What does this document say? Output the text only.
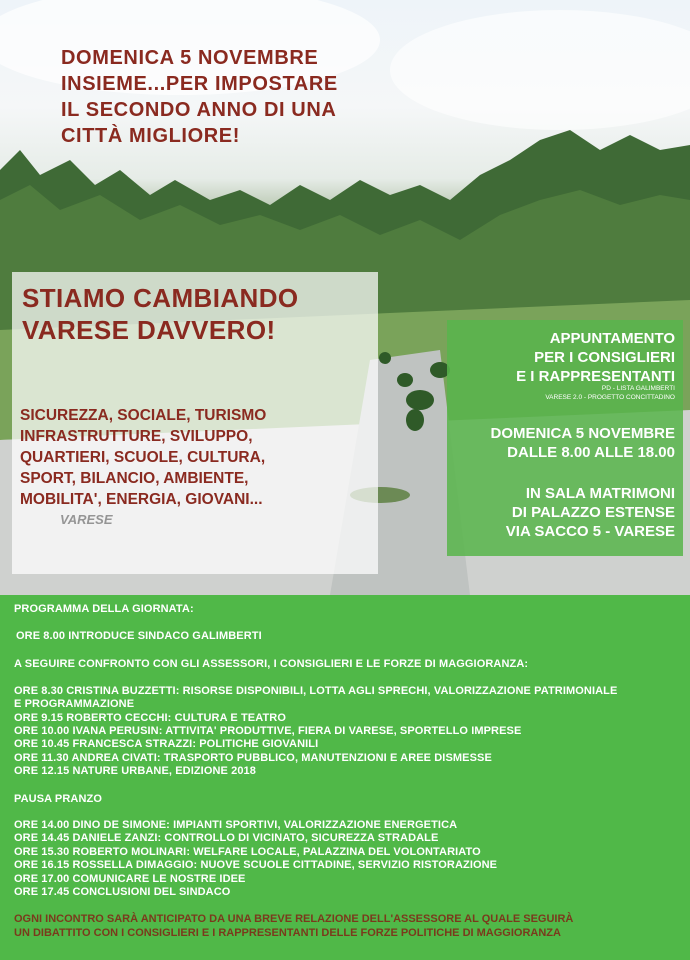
DOMENICA 5 NOVEMBRE
INSIEME...PER IMPOSTARE
IL SECONDO ANNO DI UNA
CITTÀ MIGLIORE!
STIAMO CAMBIANDO
VARESE DAVVERO!
SICUREZZA, SOCIALE, TURISMO
INFRASTRUTTURE, SVILUPPO,
QUARTIERI, SCUOLE, CULTURA,
SPORT, BILANCIO, AMBIENTE,
MOBILITA', ENERGIA, GIOVANI...
VARESE
APPUNTAMENTO
PER I CONSIGLIERI
E I RAPPRESENTANTI
PD - LISTA GALIMBERTI
VARESE 2.0 - PROGETTO CONCITTADINO
DOMENICA 5 NOVEMBRE
DALLE 8.00 ALLE 18.00
IN SALA MATRIMONI
DI PALAZZO ESTENSE
VIA SACCO 5 - VARESE
PROGRAMMA DELLA GIORNATA:
ORE 8.00 INTRODUCE SINDACO GALIMBERTI
A SEGUIRE CONFRONTO CON GLI ASSESSORI, I CONSIGLIERI E LE FORZE DI MAGGIORANZA:
ORE 8.30 CRISTINA BUZZETTI: RISORSE DISPONIBILI, LOTTA AGLI SPRECHI, VALORIZZAZIONE PATRIMONIALE
E PROGRAMMAZIONE
ORE 9.15 ROBERTO CECCHI: CULTURA E TEATRO
ORE 10.00 IVANA PERUSIN: ATTIVITA' PRODUTTIVE, FIERA DI VARESE, SPORTELLO IMPRESE
ORE 10.45 FRANCESCA STRAZZI: POLITICHE GIOVANILI
ORE 11.30 ANDREA CIVATI: TRASPORTO PUBBLICO, MANUTENZIONI E AREE DISMESSE
ORE 12.15 NATURE URBANE, EDIZIONE 2018
PAUSA PRANZO
ORE 14.00 DINO DE SIMONE: IMPIANTI SPORTIVI, VALORIZZAZIONE ENERGETICA
ORE 14.45 DANIELE ZANZI: CONTROLLO DI VICINATO, SICUREZZA STRADALE
ORE 15.30 ROBERTO MOLINARI: WELFARE LOCALE, PALAZZINA DEL VOLONTARIATO
ORE 16.15 ROSSELLA DIMAGGIO: NUOVE SCUOLE CITTADINE, SERVIZIO RISTORAZIONE
ORE 17.00 COMUNICARE LE NOSTRE IDEE
ORE 17.45 CONCLUSIONI DEL SINDACO
OGNI INCONTRO SARÀ ANTICIPATO DA UNA BREVE RELAZIONE DELL'ASSESSORE AL QUALE SEGUIRÀ
UN DIBATTITO CON I CONSIGLIERI E I RAPPRESENTANTI DELLE FORZE POLITICHE DI MAGGIORANZA
